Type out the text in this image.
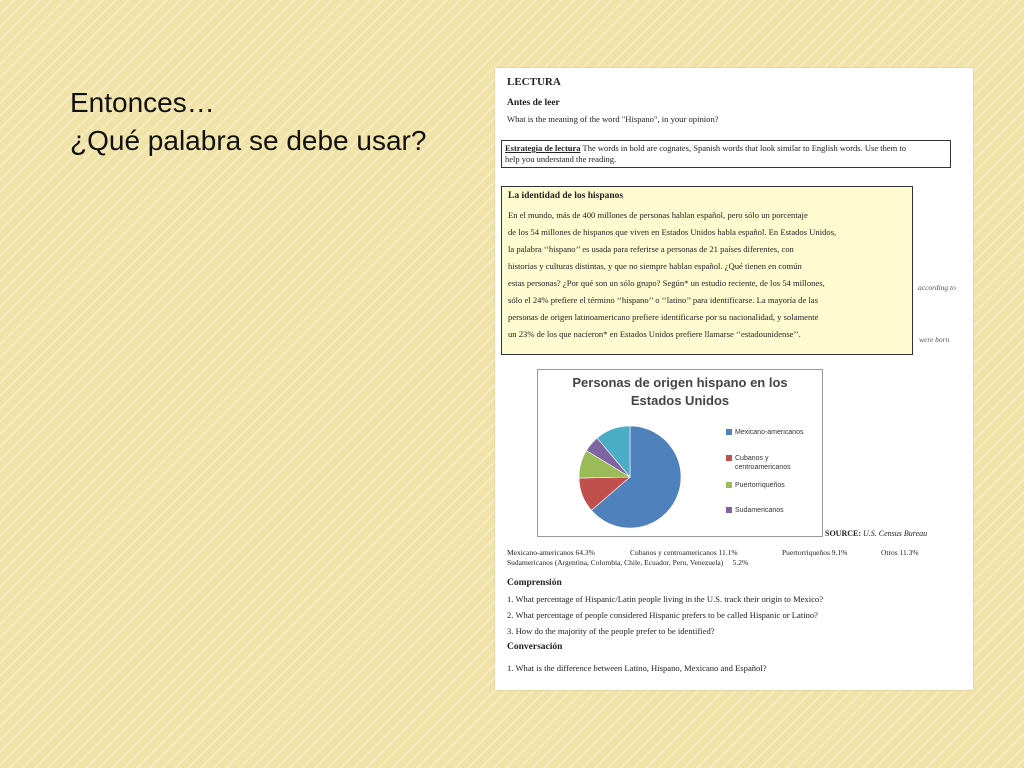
Entonces…
¿Qué palabra se debe usar?
LECTURA
Antes de leer
What is the meaning of the word "Hispano", in your opinion?
Estrategia de lectura The words in bold are cognates, Spanish words that look similar to English words. Use them to
help you understand the reading.
La identidad de los hispanos
En el mundo, más de 400 millones de personas hablan español, pero sólo un porcentaje
de los 54 millones de hispanos que viven en Estados Unidos habla español. En Estados Unidos,
la palabra ‘‘hispano’’ es usada para referirse a personas de 21 países diferentes, con
historias y culturas distintas, y que no siempre hablan español. ¿Qué tienen en común
estas personas? ¿Por qué son un sólo grupo? Según* un estudio reciente, de los 54 millones,
sólo el 24% prefiere el término ‘‘hispano’’ o ‘‘latino’’ para identificarse. La mayoría de las
personas de origen latinoamericano prefiere identificarse por su nacionalidad, y solamente
un 23% de los que nacieron* en Estados Unidos prefiere llamarse ‘‘estadounidense’’.
according to
were born
Personas de origen hispano en los
Estados Unidos
Mexicano-americanos
Cubanos y centroamericanos
Puertorriqueños
Sudamericanos
SOURCE: U.S. Census Bureau
Mexicano-americanos 64.3%	Cubanos y centroamericanos 11.1%	Puertorriqueños 9.1%	Otros 11.3%
Sudamericanos (Argentina, Colombia, Chile, Ecuador, Peru, Venezuela)     5.2%
Comprensión
1. What percentage of Hispanic/Latin people living in the U.S. track their origin to Mexico?
2. What percentage of people considered Hispanic prefers to be called Hispanic or Latino?
3. How do the majority of the people prefer to be identified?
Conversación
1. What is the difference between Latino, Hispano, Mexicano and Español?
